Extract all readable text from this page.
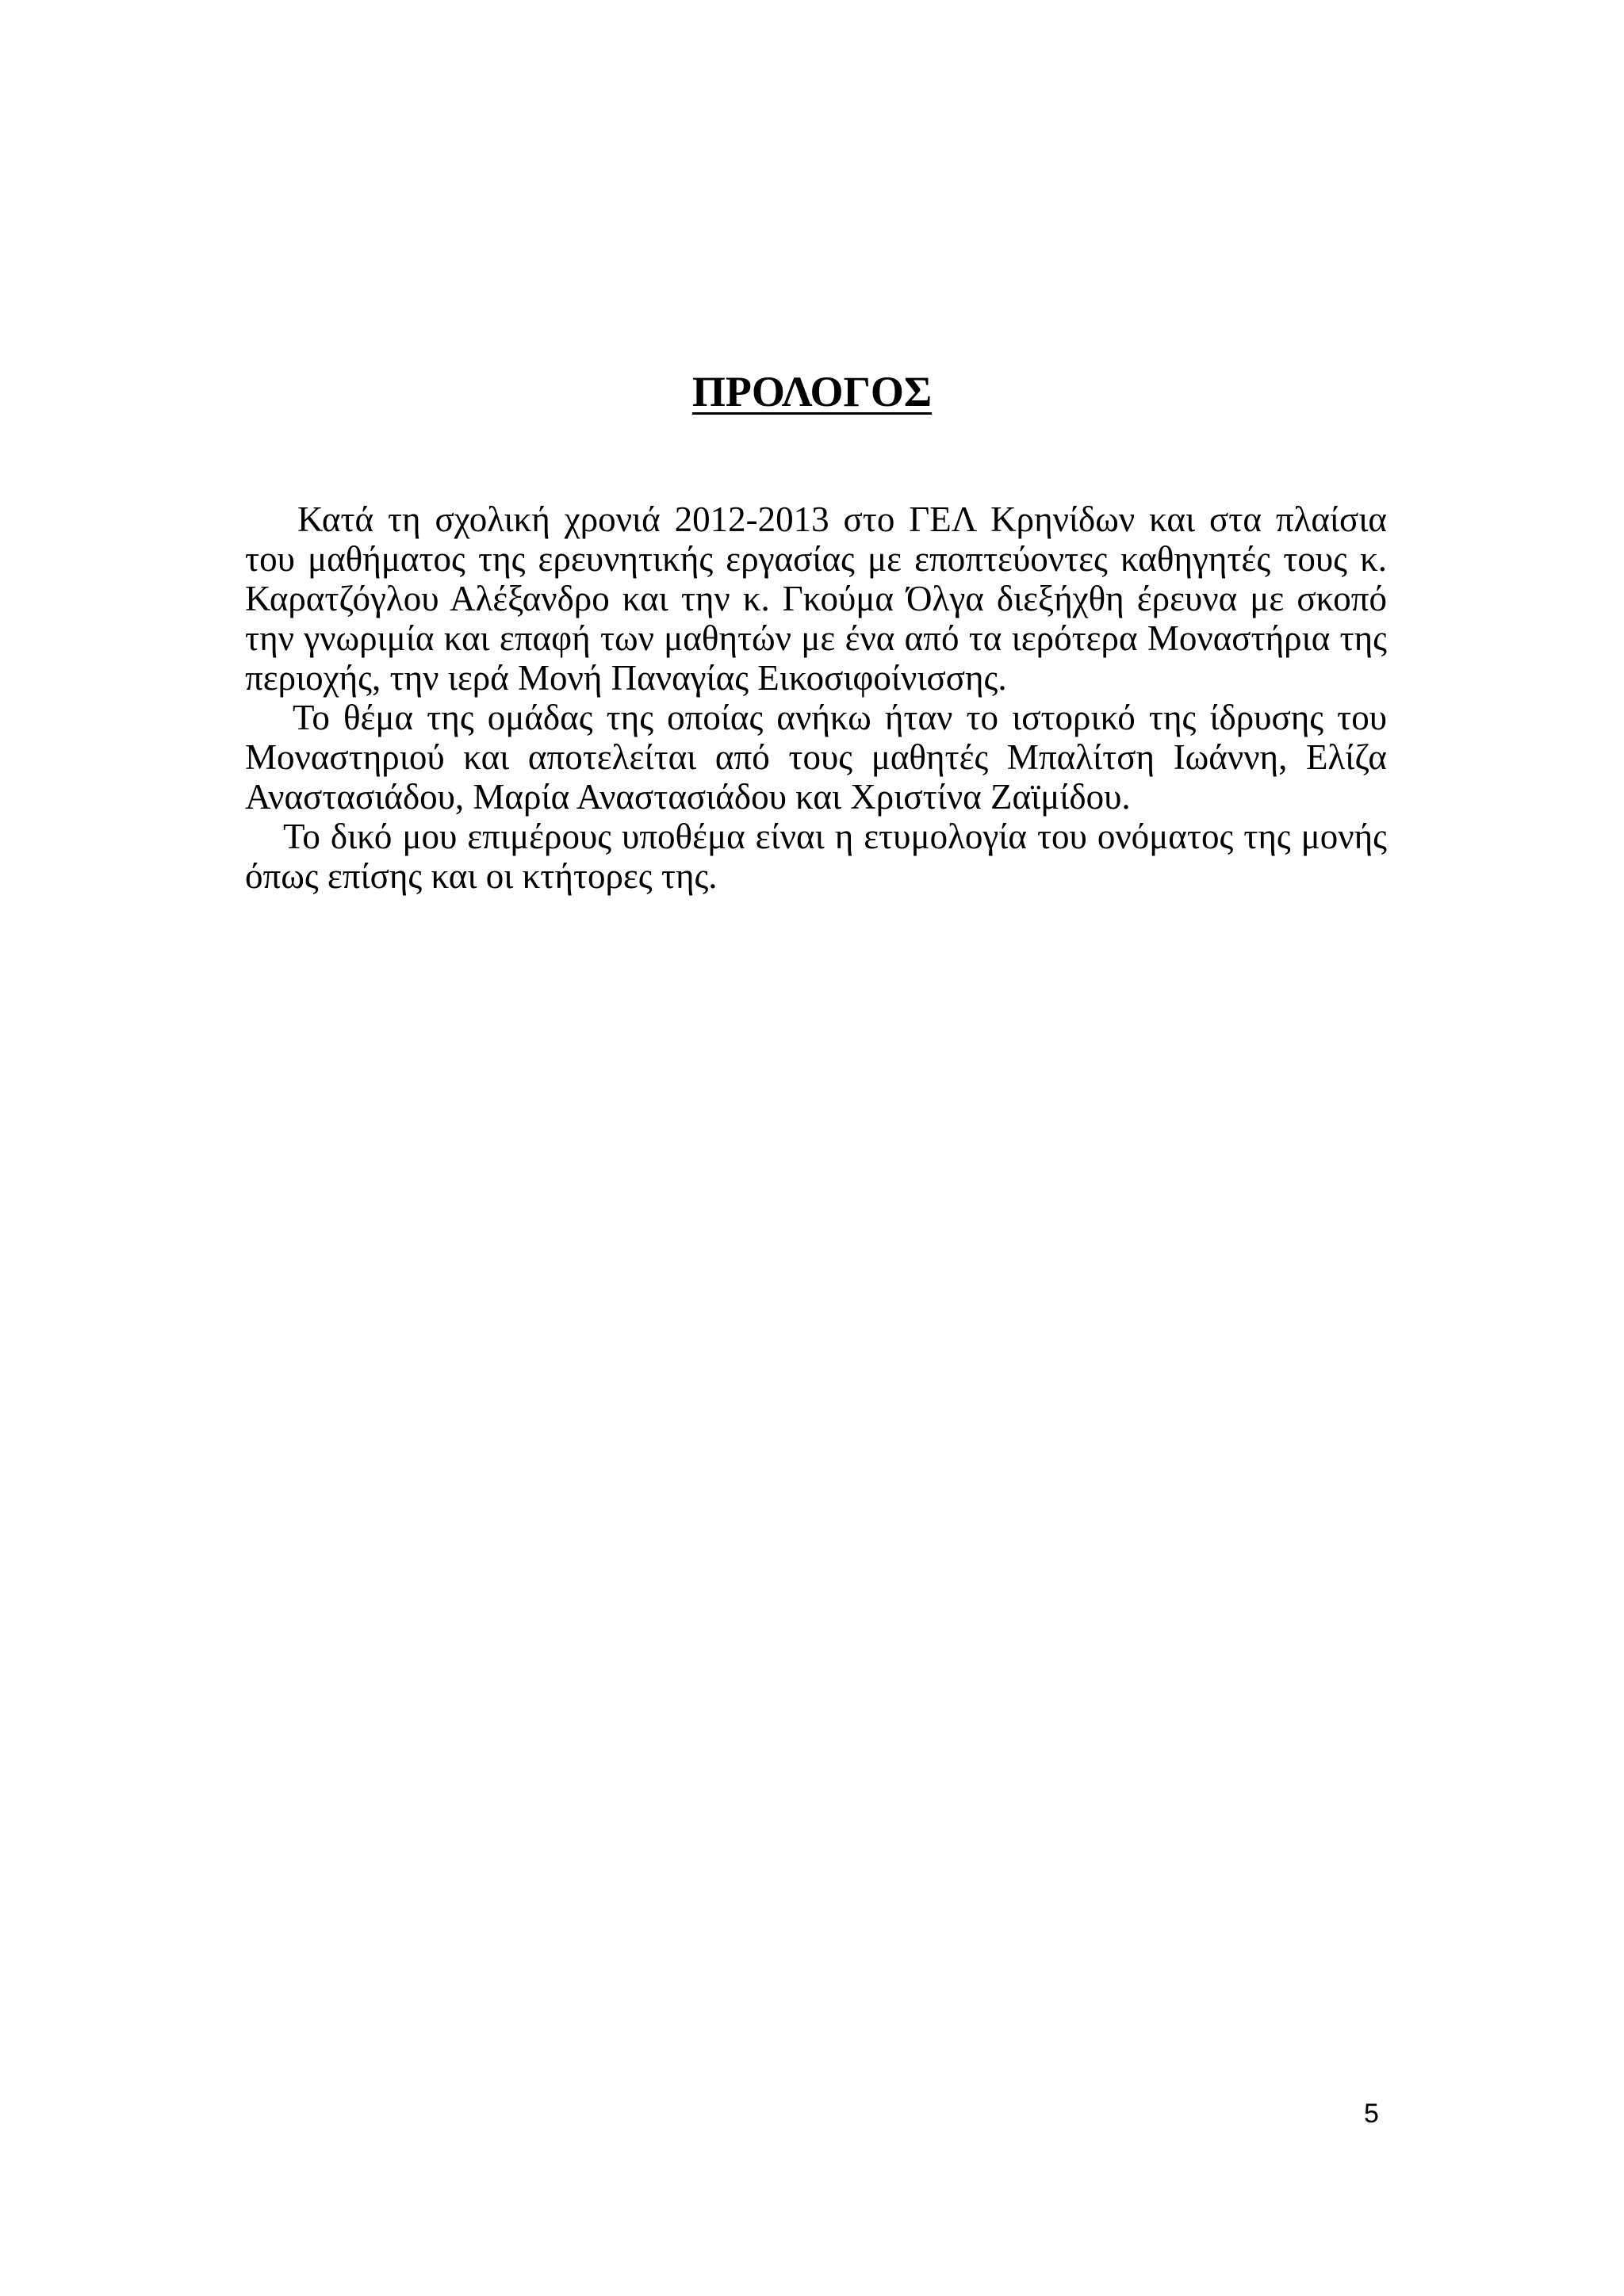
ΠΡΟΛΟΓΟΣ

Κατά τη σχολική χρονιά 2012-2013 στο ΓΕΛ Κρηνίδων και στα πλαίσια του μαθήματος της ερευνητικής εργασίας με εποπτεύοντες καθηγητές τους κ. Καρατζόγλου Αλέξανδρο και την κ. Γκούμα Όλγα διεξήχθη έρευνα με σκοπό την γνωριμία και επαφή των μαθητών με ένα από τα ιερότερα Μοναστήρια της περιοχής, την ιερά Μονή Παναγίας Εικοσιφοίνισσης.

Το θέμα της ομάδας της οποίας ανήκω ήταν το ιστορικό της ίδρυσης του Μοναστηριού και αποτελείται από τους μαθητές Μπαλίτση Ιωάννη, Ελίζα Αναστασιάδου, Μαρία Αναστασιάδου και Χριστίνα Ζαϊμίδου.

Το δικό μου επιμέρους υποθέμα είναι η ετυμολογία του ονόματος της μονής όπως επίσης και οι κτήτορες της.

5
